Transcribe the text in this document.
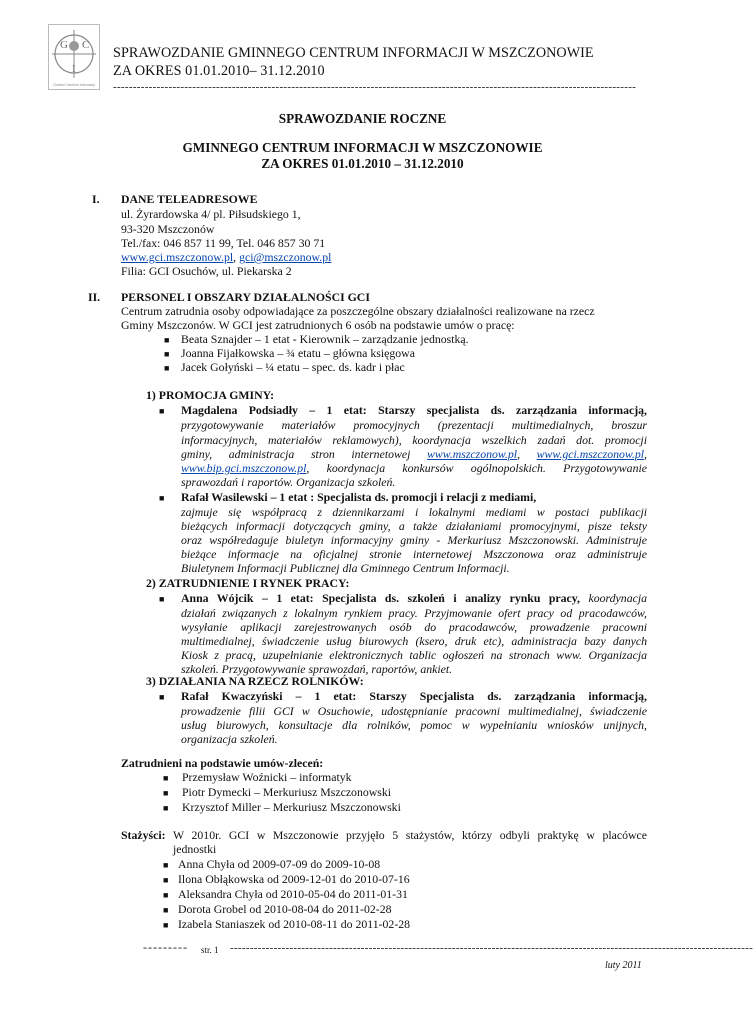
G C
I
Gminne Centrum Informacji
SPRAWOZDANIE GMINNEGO CENTRUM INFORMACJI W MSZCZONOWIE
ZA OKRES 01.01.2010– 31.12.2010
------------------------------------------------------------------------------------------------------------------------------------
SPRAWOZDANIE ROCZNE
GMINNEGO CENTRUM INFORMACJI W MSZCZONOWIE
ZA OKRES 01.01.2010 – 31.12.2010
I. DANE TELEADRESOWE
ul. Żyrardowska 4/ pl. Piłsudskiego 1,
93-320 Mszczonów
Tel./fax: 046 857 11 99, Tel. 046 857 30 71
www.gci.mszczonow.pl, gci@mszczonow.pl
Filia: GCI Osuchów, ul. Piekarska 2
II. PERSONEL I OBSZARY DZIAŁALNOŚCI GCI
Centrum zatrudnia osoby odpowiadające za poszczególne obszary działalności realizowane na rzecz
Gminy Mszczonów. W GCI jest zatrudnionych 6 osób na podstawie umów o pracę:
■ Beata Sznajder – 1 etat - Kierownik – zarządzanie jednostką.
■ Joanna Fijałkowska – ¾ etatu – główna księgowa
■ Jacek Gołyński – ¼ etatu – spec. ds. kadr i płac
1) PROMOCJA GMINY:
■ Magdalena Podsiadły – 1 etat: Starszy specjalista ds. zarządzania informacją,
przygotowywanie materiałów promocyjnych (prezentacji multimedialnych, broszur
informacyjnych, materiałów reklamowych), koordynacja wszelkich zadań dot. promocji
gminy, administracja stron internetowej www.mszczonow.pl, www.gci.mszczonow.pl,
www.bip.gci.mszczonow.pl, koordynacja konkursów ogólnopolskich. Przygotowywanie
sprawozdań i raportów. Organizacja szkoleń.
■ Rafał Wasilewski – 1 etat : Specjalista ds. promocji i relacji z mediami,
zajmuje się współpracą z dziennikarzami i lokalnymi mediami w postaci publikacji
bieżących informacji dotyczących gminy, a także działaniami promocyjnymi, pisze teksty
oraz współredaguje biuletyn informacyjny gminy - Merkuriusz Mszczonowski. Administruje
bieżące informacje na oficjalnej stronie internetowej Mszczonowa oraz administruje
Biuletynem Informacji Publicznej dla Gminnego Centrum Informacji.
2) ZATRUDNIENIE I RYNEK PRACY:
■ Anna Wójcik – 1 etat: Specjalista ds. szkoleń i analizy rynku pracy, koordynacja
działań związanych z lokalnym rynkiem pracy. Przyjmowanie ofert pracy od pracodawców,
wysyłanie aplikacji zarejestrowanych osób do pracodawców, prowadzenie pracowni
multimedialnej, świadczenie usług biurowych (ksero, druk etc), administracja bazy danych
Kiosk z pracą, uzupełnianie elektronicznych tablic ogłoszeń na stronach www. Organizacja
szkoleń. Przygotowywanie sprawozdań, raportów, ankiet.
3) DZIAŁANIA NA RZECZ ROLNIKÓW:
■ Rafał Kwaczyński – 1 etat: Starszy Specjalista ds. zarządzania informacją,
prowadzenie filii GCI w Osuchowie, udostępnianie pracowni multimedialnej, świadczenie
usług biurowych, konsultacje dla rolników, pomoc w wypełnianiu wniosków unijnych,
organizacja szkoleń.
Zatrudnieni na podstawie umów-zleceń:
■ Przemysław Woźnicki – informatyk
■ Piotr Dymecki – Merkuriusz Mszczonowski
■ Krzysztof Miller – Merkuriusz Mszczonowski
Stażyści: W 2010r. GCI w Mszczonowie przyjęło 5 stażystów, którzy odbyli praktykę w placówce
jednostki
■ Anna Chyła od 2009-07-09 do 2009-10-08
■ Ilona Obłąkowska od 2009-12-01 do 2010-07-16
■ Aleksandra Chyła od 2010-05-04 do 2011-01-31
■ Dorota Grobel od 2010-08-04 do 2011-02-28
■ Izabela Staniaszek od 2010-08-11 do 2011-02-28
--------- str. 1 ------------------------------------------------------------------------------------------------------------------------------------
luty 2011
